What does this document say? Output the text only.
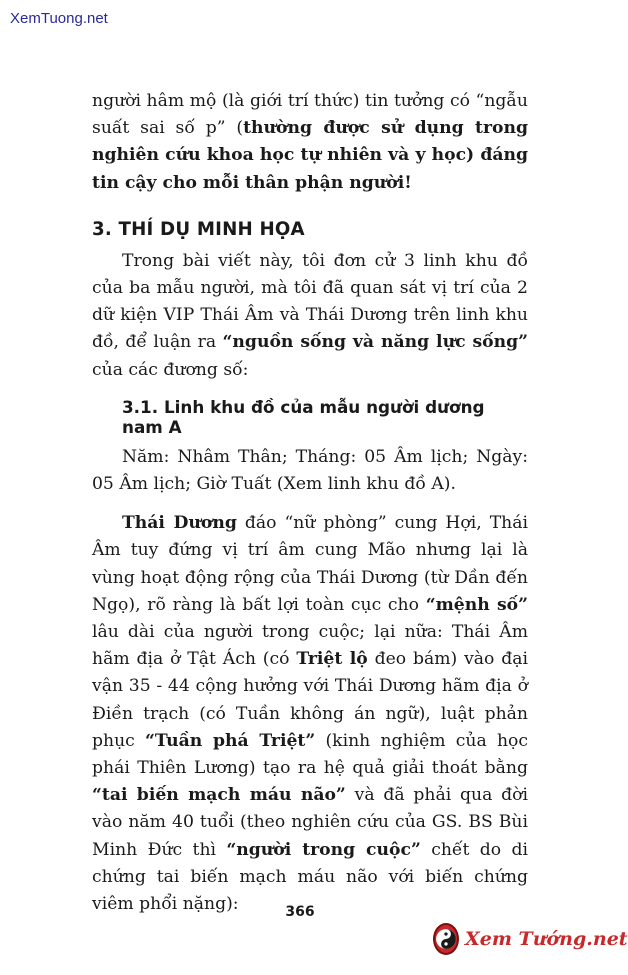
XemTuong.net

người hâm mộ (là giới trí thức) tin tưởng có “ngẫu suất sai số p” (thường được sử dụng trong nghiên cứu khoa học tự nhiên và y học) đáng tin cậy cho mỗi thân phận người!

3. THÍ DỤ MINH HỌA

Trong bài viết này, tôi đơn cử 3 linh khu đồ của ba mẫu người, mà tôi đã quan sát vị trí của 2 dữ kiện VIP Thái Âm và Thái Dương trên linh khu đồ, để luận ra “nguồn sống và năng lực sống” của các đương số:

3.1. Linh khu đồ của mẫu người dương nam A

Năm: Nhâm Thân; Tháng: 05 Âm lịch; Ngày: 05 Âm lịch; Giờ Tuất (Xem linh khu đồ A).

Thái Dương đáo “nữ phòng” cung Hợi, Thái Âm tuy đứng vị trí âm cung Mão nhưng lại là vùng hoạt động rộng của Thái Dương (từ Dần đến Ngọ), rõ ràng là bất lợi toàn cục cho “mệnh số” lâu dài của người trong cuộc; lại nữa: Thái Âm hãm địa ở Tật Ách (có Triệt lộ đeo bám) vào đại vận 35 - 44 cộng hưởng với Thái Dương hãm địa ở Điền trạch (có Tuần không án ngữ), luật phản phục “Tuần phá Triệt” (kinh nghiệm của học phái Thiên Lương) tạo ra hệ quả giải thoát bằng “tai biến mạch máu não” và đã phải qua đời vào năm 40 tuổi (theo nghiên cứu của GS. BS Bùi Minh Đức thì “người trong cuộc” chết do di chứng tai biến mạch máu não với biến chứng viêm phổi nặng):	366
Xem Tướng.net
